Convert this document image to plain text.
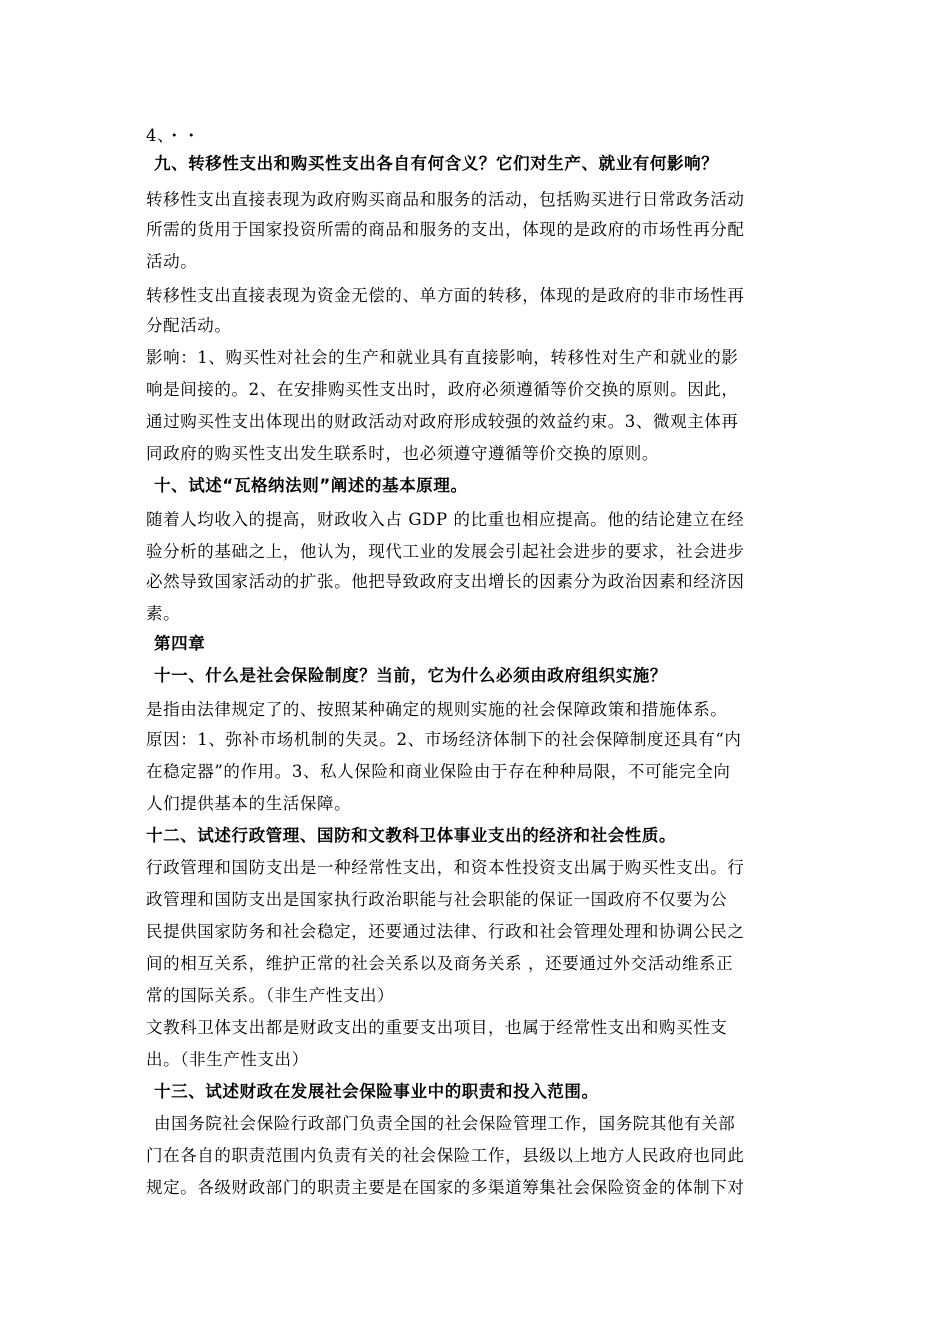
4、・・
九、转移性支出和购买性支出各自有何含义？它们对生产、就业有何影响？
转移性支出直接表现为政府购买商品和服务的活动，包括购买进行日常政务活动
所需的货用于国家投资所需的商品和服务的支出，体现的是政府的市场性再分配
活动。
转移性支出直接表现为资金无偿的、单方面的转移，体现的是政府的非市场性再
分配活动。
影响：1、购买性对社会的生产和就业具有直接影响，转移性对生产和就业的影
响是间接的。2、在安排购买性支出时，政府必须遵循等价交换的原则。因此，
通过购买性支出体现出的财政活动对政府形成较强的效益约束。3、微观主体再
同政府的购买性支出发生联系时，也必须遵守遵循等价交换的原则。
十、试述“瓦格纳法则”阐述的基本原理。
随着人均收入的提高，财政收入占 GDP 的比重也相应提高。他的结论建立在经
验分析的基础之上，他认为，现代工业的发展会引起社会进步的要求，社会进步
必然导致国家活动的扩张。他把导致政府支出增长的因素分为政治因素和经济因
素。
第四章
十一、什么是社会保险制度？当前，它为什么必须由政府组织实施？
是指由法律规定了的、按照某种确定的规则实施的社会保障政策和措施体系。
原因：1、弥补市场机制的失灵。2、市场经济体制下的社会保障制度还具有“内
在稳定器”的作用。3、私人保险和商业保险由于存在种种局限，不可能完全向
人们提供基本的生活保障。
十二、试述行政管理、国防和文教科卫体事业支出的经济和社会性质。
行政管理和国防支出是一种经常性支出，和资本性投资支出属于购买性支出。行
政管理和国防支出是国家执行政治职能与社会职能的保证一国政府不仅要为公
民提供国家防务和社会稳定，还要通过法律、行政和社会管理处理和协调公民之
间的相互关系，维护正常的社会关系以及商务关系 ，还要通过外交活动维系正
常的国际关系。（非生产性支出）
文教科卫体支出都是财政支出的重要支出项目，也属于经常性支出和购买性支
出。（非生产性支出）
十三、试述财政在发展社会保险事业中的职责和投入范围。
由国务院社会保险行政部门负责全国的社会保险管理工作，国务院其他有关部
门在各自的职责范围内负责有关的社会保险工作，县级以上地方人民政府也同此
规定。各级财政部门的职责主要是在国家的多渠道筹集社会保险资金的体制下对
